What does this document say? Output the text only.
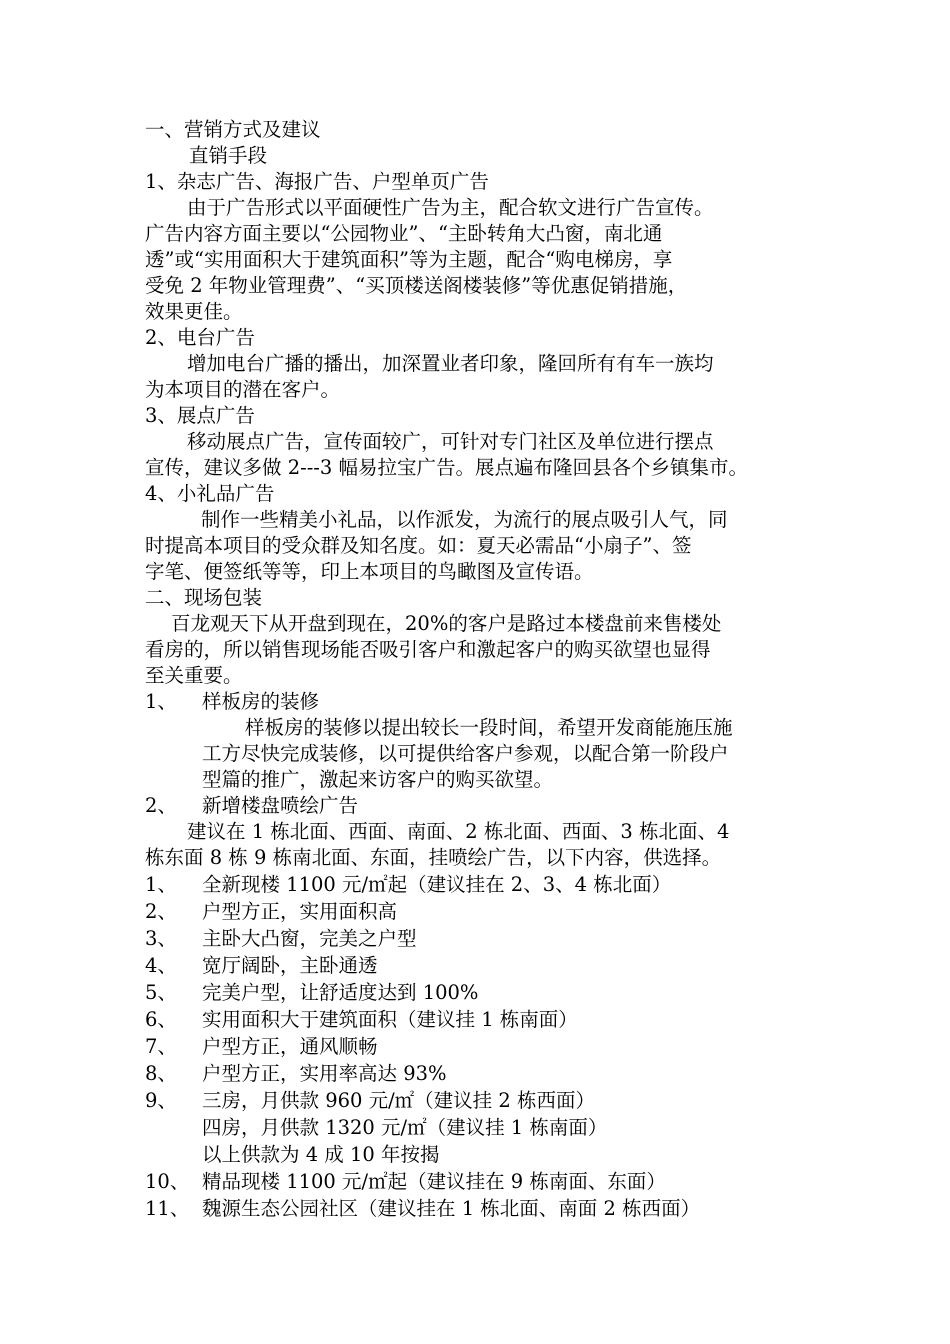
一、营销方式及建议
直销手段
1、杂志广告、海报广告、户型单页广告
由于广告形式以平面硬性广告为主，配合软文进行广告宣传。
广告内容方面主要以“公园物业”、“主卧转角大凸窗，南北通
透”或“实用面积大于建筑面积”等为主题，配合“购电梯房，享
受免 2 年物业管理费”、“买顶楼送阁楼装修”等优惠促销措施，
效果更佳。
2、电台广告
增加电台广播的播出，加深置业者印象，隆回所有有车一族均
为本项目的潜在客户。
3、展点广告
移动展点广告，宣传面较广，可针对专门社区及单位进行摆点
宣传，建议多做 2---3 幅易拉宝广告。展点遍布隆回县各个乡镇集市。
4、小礼品广告
制作一些精美小礼品，以作派发，为流行的展点吸引人气，同
时提高本项目的受众群及知名度。如：夏天必需品“小扇子”、签
字笔、便签纸等等，印上本项目的鸟瞰图及宣传语。
二、现场包装
百龙观天下从开盘到现在，20%的客户是路过本楼盘前来售楼处
看房的，所以销售现场能否吸引客户和激起客户的购买欲望也显得
至关重要。
1、 样板房的装修
样板房的装修以提出较长一段时间，希望开发商能施压施
工方尽快完成装修，以可提供给客户参观，以配合第一阶段户
型篇的推广，激起来访客户的购买欲望。
2、 新增楼盘喷绘广告
建议在 1 栋北面、西面、南面、2 栋北面、西面、3 栋北面、4
栋东面 8 栋 9 栋南北面、东面，挂喷绘广告，以下内容，供选择。
1、 全新现楼 1100 元/㎡起（建议挂在 2、3、4 栋北面）
2、 户型方正，实用面积高
3、 主卧大凸窗，完美之户型
4、 宽厅阔卧，主卧通透
5、 完美户型，让舒适度达到 100%
6、 实用面积大于建筑面积（建议挂 1 栋南面）
7、 户型方正，通风顺畅
8、 户型方正，实用率高达 93%
9、 三房，月供款 960 元/㎡（建议挂 2 栋西面）
四房，月供款 1320 元/㎡（建议挂 1 栋南面）
以上供款为 4 成 10 年按揭
10、 精品现楼 1100 元/㎡起（建议挂在 9 栋南面、东面）
11、 魏源生态公园社区（建议挂在 1 栋北面、南面 2 栋西面）
